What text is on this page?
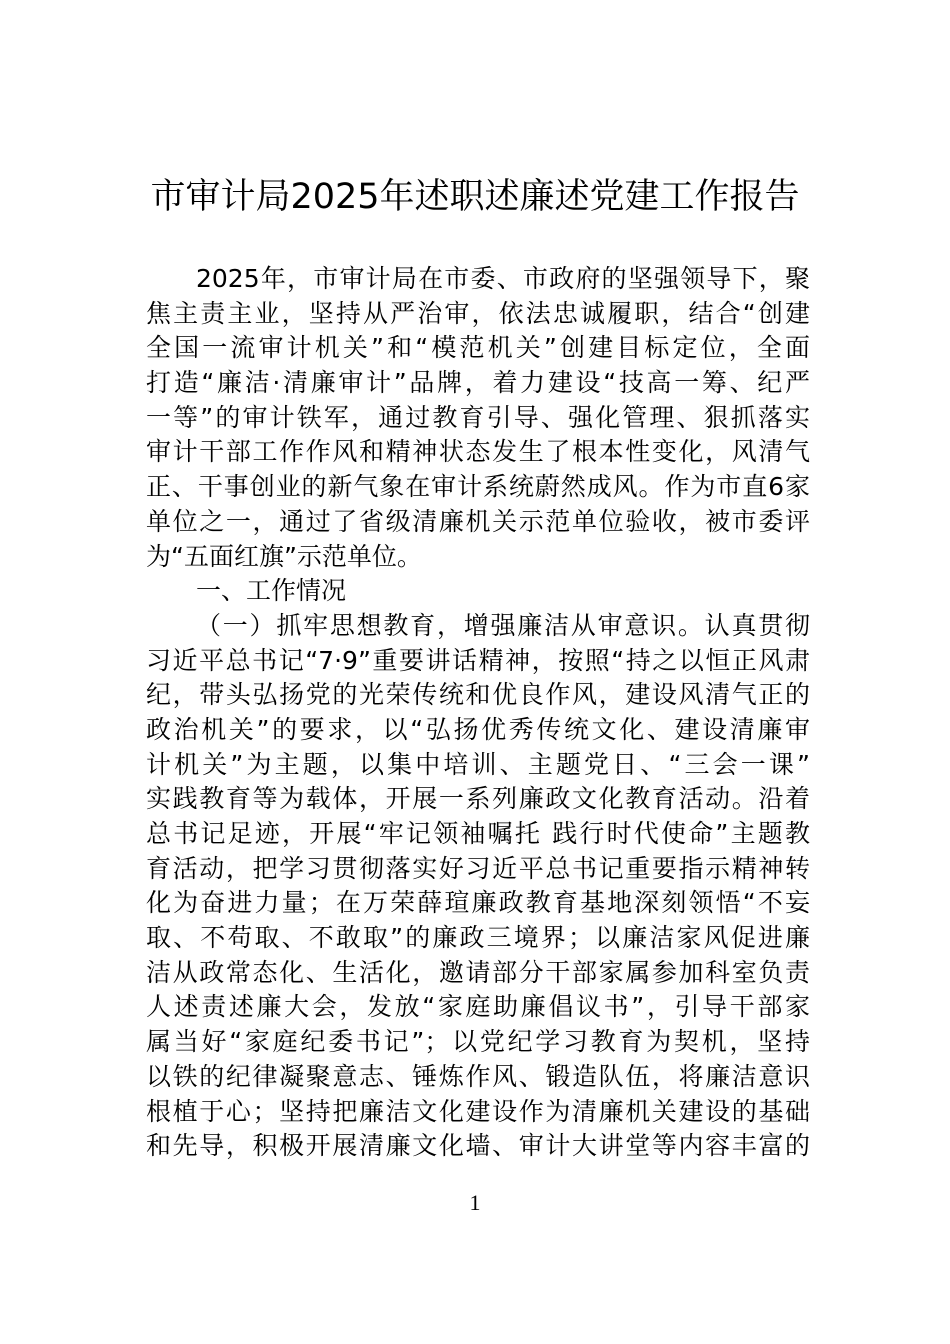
市审计局2025年述职述廉述党建工作报告
2025年，市审计局在市委、市政府的坚强领导下，聚
焦主责主业，坚持从严治审，依法忠诚履职，结合“创建
全国一流审计机关”和“模范机关”创建目标定位，全面
打造“廉洁·清廉审计”品牌，着力建设“技高一筹、纪严
一等”的审计铁军，通过教育引导、强化管理、狠抓落实
审计干部工作作风和精神状态发生了根本性变化，风清气
正、干事创业的新气象在审计系统蔚然成风。作为市直6家
单位之一，通过了省级清廉机关示范单位验收，被市委评
为“五面红旗”示范单位。
一、工作情况
（一）抓牢思想教育，增强廉洁从审意识。认真贯彻
习近平总书记“7·9”重要讲话精神，按照“持之以恒正风肃
纪，带头弘扬党的光荣传统和优良作风，建设风清气正的
政治机关”的要求，以“弘扬优秀传统文化、建设清廉审
计机关”为主题，以集中培训、主题党日、“三会一课”
实践教育等为载体，开展一系列廉政文化教育活动。沿着
总书记足迹，开展“牢记领袖嘱托 践行时代使命”主题教
育活动，把学习贯彻落实好习近平总书记重要指示精神转
化为奋进力量；在万荣薛瑄廉政教育基地深刻领悟“不妄
取、不苟取、不敢取”的廉政三境界；以廉洁家风促进廉
洁从政常态化、生活化，邀请部分干部家属参加科室负责
人述责述廉大会，发放“家庭助廉倡议书”，引导干部家
属当好“家庭纪委书记”；以党纪学习教育为契机，坚持
以铁的纪律凝聚意志、锤炼作风、锻造队伍，将廉洁意识
根植于心；坚持把廉洁文化建设作为清廉机关建设的基础
和先导，积极开展清廉文化墙、审计大讲堂等内容丰富的
1
